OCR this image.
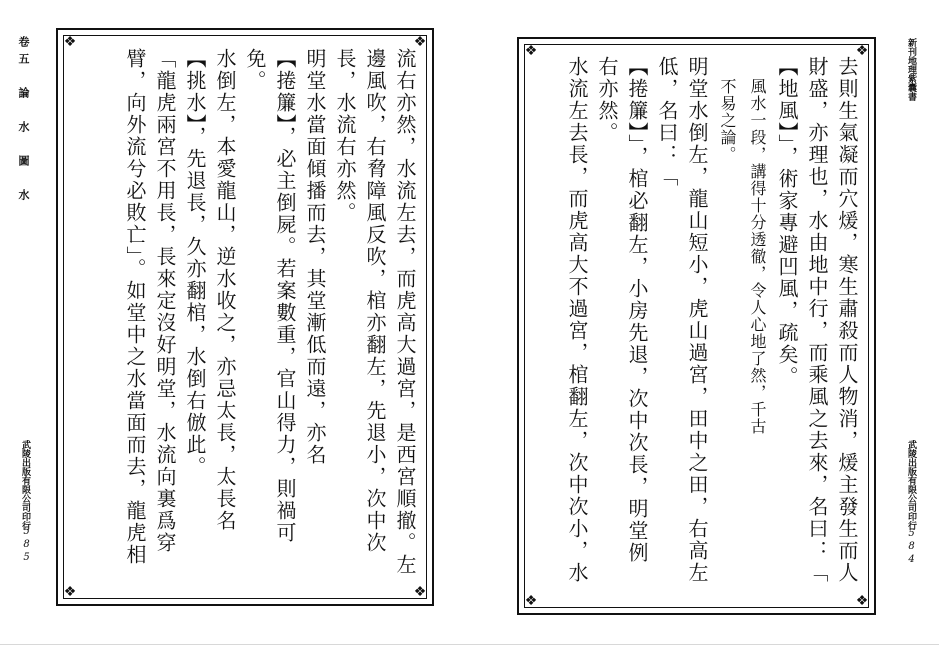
卷五　論　水　圖　水
武陵出版有限公司印行
585
❖	❖
❖	❖
流右亦然，水流左去，而虎高大過宮，是西宮順撤。左
邊風吹，右脅障風反吹，棺亦翻左，先退小，次中次
長，水流右亦然。
明堂水當面傾播而去，其堂漸低而遠，亦名
【捲簾】，必主倒屍。若案數重，官山得力，則禍可
免。
水倒左，本愛龍山，逆水收之，亦忌太長，太長名
【挑水】，先退長，久亦翻棺，水倒右倣此。
「龍虎兩宮不用長，長來定沒好明堂，水流向裏爲穿
臂，向外流兮必敗亡」。如堂中之水當面而去，龍虎相	❖	❖
❖	❖
去則生氣凝而穴煖，寒生肅殺而人物消，煖主發生而人
財盛，亦理也，水由地中行，而乘風之去來，名曰：「
【地風】」，術家專避凹風，疏矣。
風水一段，講得十分透徹，令人心地了然，千古
不易之論。
明堂水倒左，龍山短小，虎山過宮，田中之田，右高左
低，名曰：「
【捲簾】」，棺必翻左，小房先退，次中次長，明堂例
右亦然。
水流左去長，而虎高大不過宮，棺翻左，次中次小，水	新刊地理紫囊書
武陵出版有限公司印行
584
